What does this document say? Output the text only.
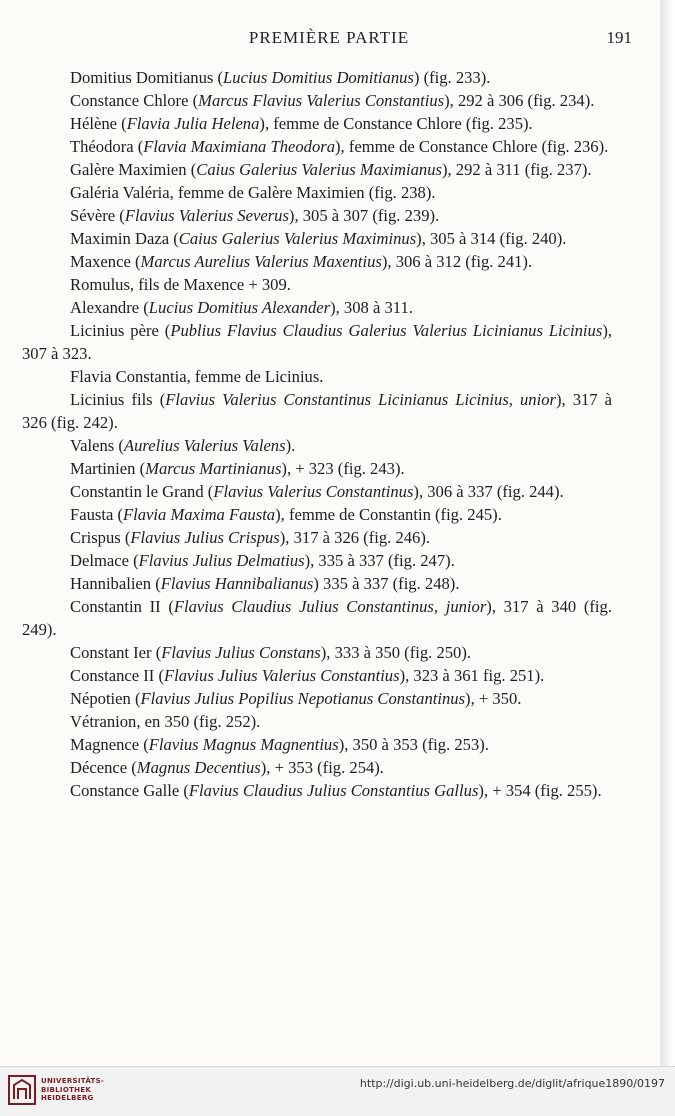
PREMIÈRE PARTIE	191

Domitius Domitianus (Lucius Domitius Domitianus) (fig. 233).

Constance Chlore (Marcus Flavius Valerius Constantius), 292 à 306 (fig. 234).

Hélène (Flavia Julia Helena), femme de Constance Chlore (fig. 235).

Théodora (Flavia Maximiana Theodora), femme de Constance Chlore (fig. 236).

Galère Maximien (Caius Galerius Valerius Maximianus), 292 à 311 (fig. 237).

Galéria Valéria, femme de Galère Maximien (fig. 238).

Sévère (Flavius Valerius Severus), 305 à 307 (fig. 239).

Maximin Daza (Caius Galerius Valerius Maximinus), 305 à 314 (fig. 240).

Maxence (Marcus Aurelius Valerius Maxentius), 306 à 312 (fig. 241).

Romulus, fils de Maxence + 309.

Alexandre (Lucius Domitius Alexander), 308 à 311.

Licinius père (Publius Flavius Claudius Galerius Valerius Licinianus Licinius), 307 à 323.

Flavia Constantia, femme de Licinius.

Licinius fils (Flavius Valerius Constantinus Licinianus Licinius, unior), 317 à 326 (fig. 242).

Valens (Aurelius Valerius Valens).

Martinien (Marcus Martinianus), + 323 (fig. 243).

Constantin le Grand (Flavius Valerius Constantinus), 306 à 337 (fig. 244).

Fausta (Flavia Maxima Fausta), femme de Constantin (fig. 245).

Crispus (Flavius Julius Crispus), 317 à 326 (fig. 246).

Delmace (Flavius Julius Delmatius), 335 à 337 (fig. 247).

Hannibalien (Flavius Hannibalianus) 335 à 337 (fig. 248).

Constantin II (Flavius Claudius Julius Constantinus, junior), 317 à 340 (fig. 249).

Constant Ier (Flavius Julius Constans), 333 à 350 (fig. 250).

Constance II (Flavius Julius Valerius Constantius), 323 à 361 fig. 251).

Népotien (Flavius Julius Popilius Nepotianus Constantinus), + 350.

Vétranion, en 350 (fig. 252).

Magnence (Flavius Magnus Magnentius), 350 à 353 (fig. 253).

Décence (Magnus Decentius), + 353 (fig. 254).

Constance Galle (Flavius Claudius Julius Constantius Gallus), + 354 (fig. 255).

UNIVERSITÄTS-
BIBLIOTHEK
HEIDELBERG
http://digi.ub.uni-heidelberg.de/diglit/afrique1890/0197
